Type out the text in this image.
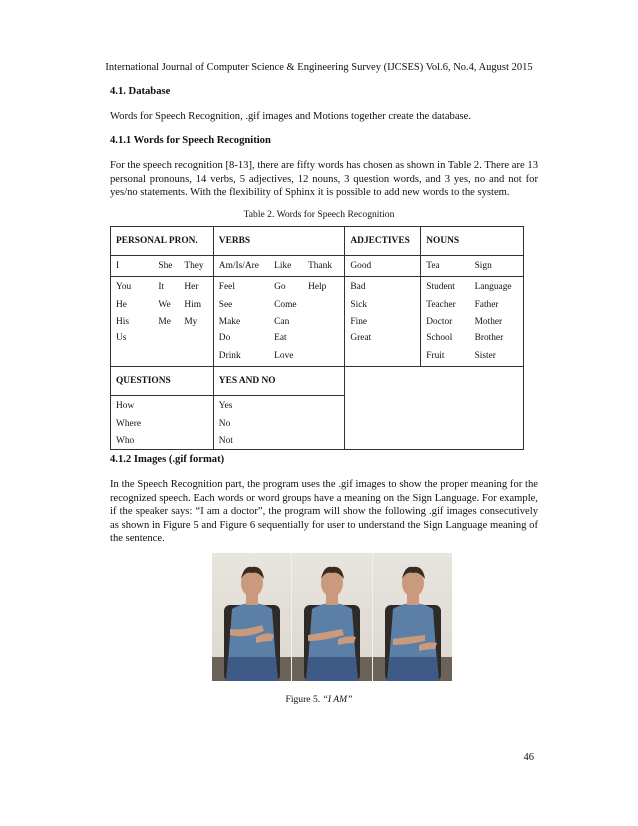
International Journal of Computer Science & Engineering Survey (IJCSES) Vol.6, No.4, August 2015

4.1. Database

Words for Speech Recognition, .gif images and Motions together create the database.

4.1.1 Words for Speech Recognition

For the speech recognition [8-13], there are fifty words has chosen as shown in Table 2. There are 13 personal pronouns, 14 verbs, 5 adjectives, 12 nouns, 3 question words, and 3 yes, no and not for yes/no statements. With the flexibility of Sphinx it is possible to add new words to the system.

Table 2. Words for Speech Recognition
PERSONAL PRON.			VERBS			ADJECTIVES	NOUNS	
I	She	They	Am/Is/Are	Like	Thank	Good	Tea	Sign
You	It	Her	Feel	Go	Help	Bad	Student	Language
He	We	Him	See	Come		Sick	Teacher	Father
His	Me	My	Make	Can		Fine	Doctor	Mother
Us			Do	Eat		Great	School	Brother
			Drink	Love			Fruit	Sister
QUESTIONS			YES AND NO					
How			Yes					
Where			No					
Who			Not					

4.1.2 Images (.gif format)

In the Speech Recognition part, the program uses the .gif images to show the proper meaning for the recognized speech. Each words or word groups have a meaning on the Sign Language. For example, if the speaker says: “I am a doctor”, the program will show the following .gif images consecutively as shown in Figure 5 and Figure 6 sequentially for user to understand the Sign Language meaning of the sentence.

Figure 5. “I AM”
46
